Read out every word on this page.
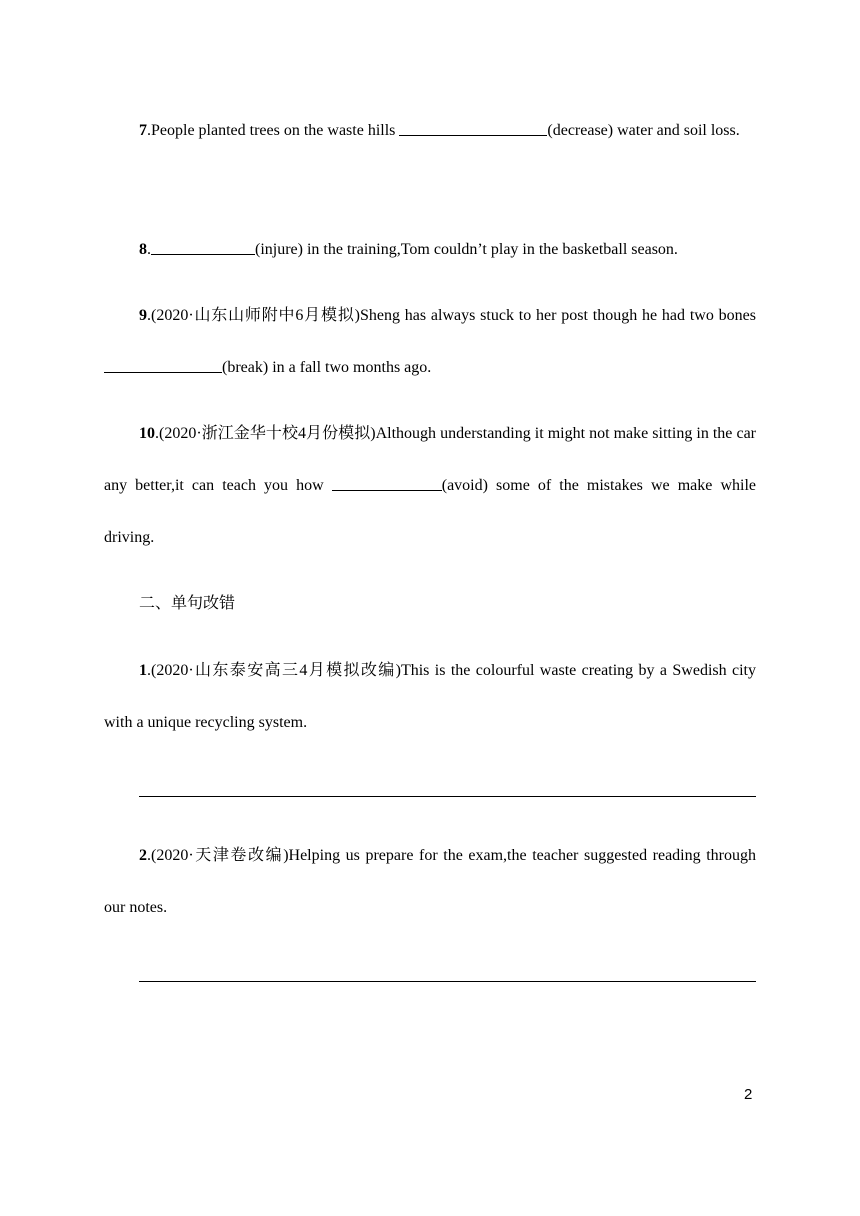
7.People planted trees on the waste hills	(decrease) water and soil loss.

8.	(injure) in the training,Tom couldn’t play in the basketball season.

9.(2020·山东山师附中6月模拟)Sheng has always stuck to her post though he had two bones (break) in a fall two months ago.

10.(2020·浙江金华十校4月份模拟)Although understanding it might not make sitting in the car any better,it can teach you how	(avoid) some of the mistakes we make while driving.

二、单句改错

1.(2020·山东泰安高三4月模拟改编)This is the colourful waste creating by a Swedish city with a unique recycling system.

2.(2020·天津卷改编)Helping us prepare for the exam,the teacher suggested reading through our notes.

2
